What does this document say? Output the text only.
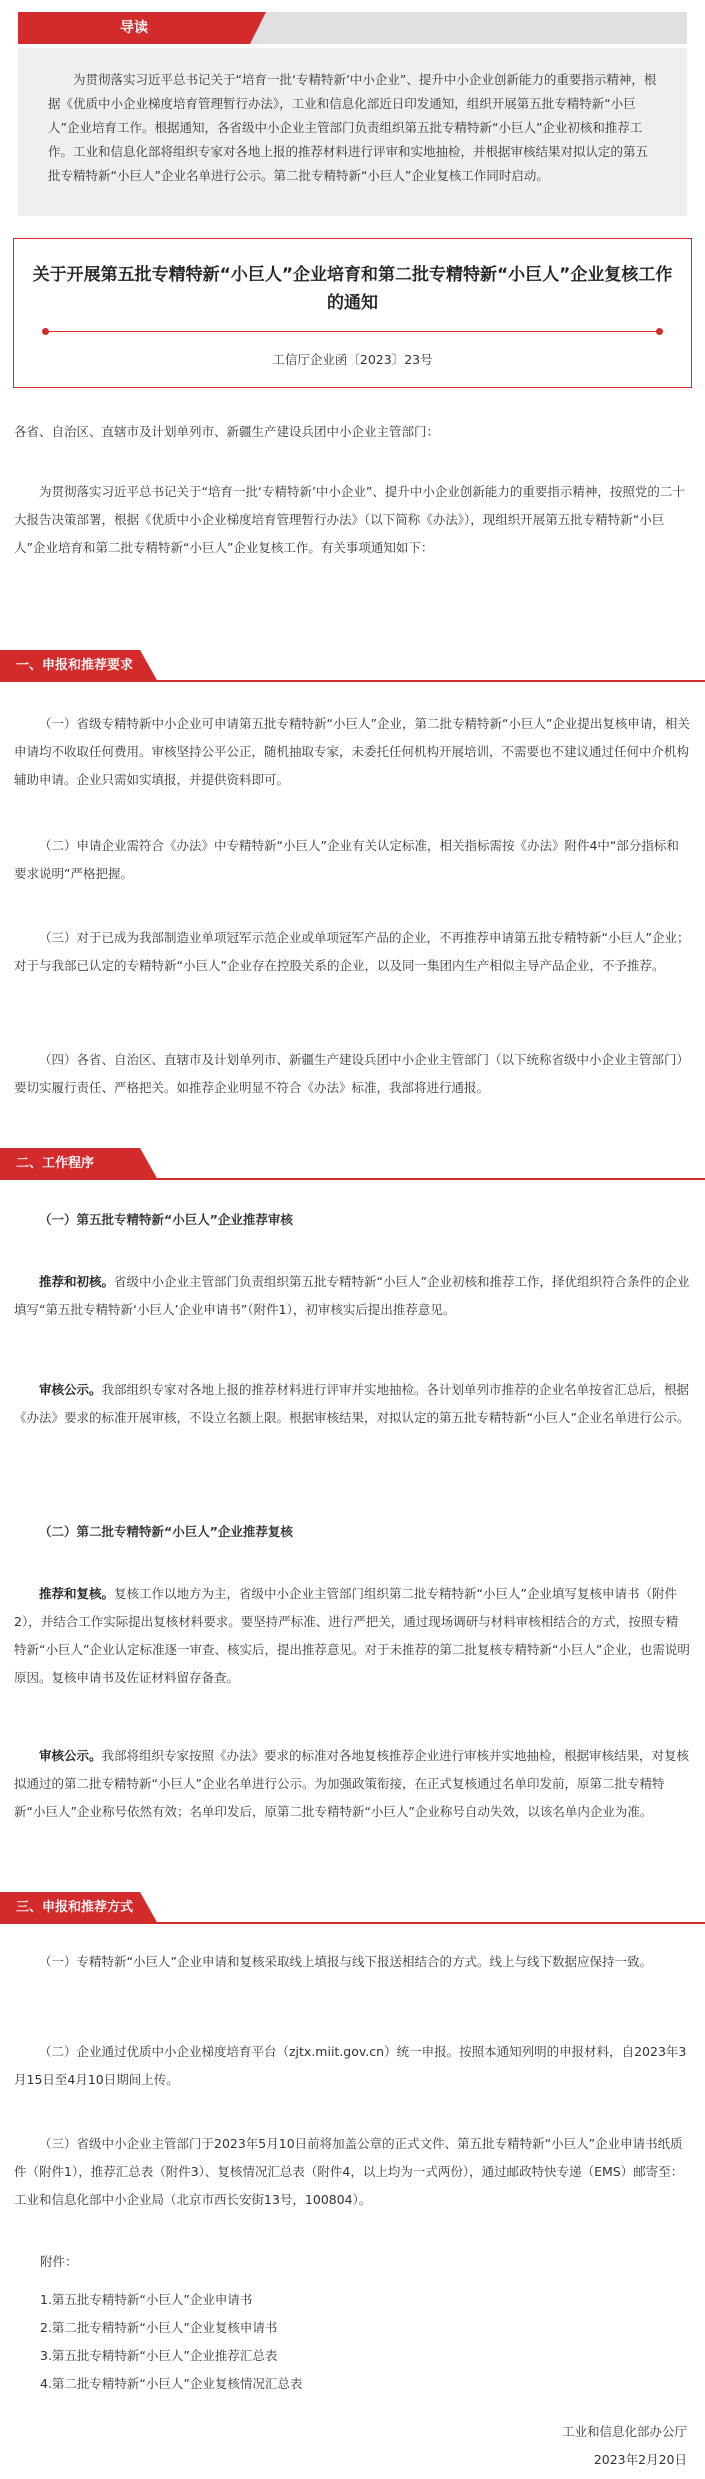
导读
为贯彻落实习近平总书记关于“培育一批‘专精特新’中小企业”、提升中小企业创新能力的重要指示精神，根据《优质中小企业梯度培育管理暂行办法》，工业和信息化部近日印发通知，组织开展第五批专精特新“小巨人”企业培育工作。根据通知，各省级中小企业主管部门负责组织第五批专精特新“小巨人”企业初核和推荐工作。工业和信息化部将组织专家对各地上报的推荐材料进行评审和实地抽检，并根据审核结果对拟认定的第五批专精特新“小巨人”企业名单进行公示。第二批专精特新“小巨人”企业复核工作同时启动。
关于开展第五批专精特新“小巨人”企业培育和第二批专精特新“小巨人”企业复核工作的通知
工信厅企业函〔2023〕23号
各省、自治区、直辖市及计划单列市、新疆生产建设兵团中小企业主管部门：
为贯彻落实习近平总书记关于“培育一批‘专精特新’中小企业”、提升中小企业创新能力的重要指示精神，按照党的二十大报告决策部署，根据《优质中小企业梯度培育管理暂行办法》（以下简称《办法》），现组织开展第五批专精特新“小巨人”企业培育和第二批专精特新“小巨人”企业复核工作。有关事项通知如下：
一、申报和推荐要求
（一）省级专精特新中小企业可申请第五批专精特新“小巨人”企业，第二批专精特新“小巨人”企业提出复核申请，相关申请均不收取任何费用。审核坚持公平公正，随机抽取专家，未委托任何机构开展培训，不需要也不建议通过任何中介机构辅助申请。企业只需如实填报，并提供资料即可。
（二）申请企业需符合《办法》中专精特新“小巨人”企业有关认定标准，相关指标需按《办法》附件4中“部分指标和要求说明”严格把握。
（三）对于已成为我部制造业单项冠军示范企业或单项冠军产品的企业，不再推荐申请第五批专精特新“小巨人”企业；对于与我部已认定的专精特新“小巨人”企业存在控股关系的企业，以及同一集团内生产相似主导产品企业，不予推荐。
（四）各省、自治区、直辖市及计划单列市、新疆生产建设兵团中小企业主管部门（以下统称省级中小企业主管部门）要切实履行责任、严格把关。如推荐企业明显不符合《办法》标准，我部将进行通报。
二、工作程序
（一）第五批专精特新“小巨人”企业推荐审核
推荐和初核。省级中小企业主管部门负责组织第五批专精特新“小巨人”企业初核和推荐工作，择优组织符合条件的企业填写“第五批专精特新‘小巨人’企业申请书”（附件1），初审核实后提出推荐意见。
审核公示。我部组织专家对各地上报的推荐材料进行评审并实地抽检。各计划单列市推荐的企业名单按省汇总后，根据《办法》要求的标准开展审核，不设立名额上限。根据审核结果，对拟认定的第五批专精特新“小巨人”企业名单进行公示。
（二）第二批专精特新“小巨人”企业推荐复核
推荐和复核。复核工作以地方为主，省级中小企业主管部门组织第二批专精特新“小巨人”企业填写复核申请书（附件2），并结合工作实际提出复核材料要求。要坚持严标准、进行严把关，通过现场调研与材料审核相结合的方式，按照专精特新“小巨人”企业认定标准逐一审查、核实后，提出推荐意见。对于未推荐的第二批复核专精特新“小巨人”企业，也需说明原因。复核申请书及佐证材料留存备查。
审核公示。我部将组织专家按照《办法》要求的标准对各地复核推荐企业进行审核并实地抽检，根据审核结果，对复核拟通过的第二批专精特新“小巨人”企业名单进行公示。为加强政策衔接，在正式复核通过名单印发前，原第二批专精特新“小巨人”企业称号依然有效；名单印发后，原第二批专精特新“小巨人”企业称号自动失效，以该名单内企业为准。
三、申报和推荐方式
（一）专精特新“小巨人”企业申请和复核采取线上填报与线下报送相结合的方式。线上与线下数据应保持一致。
（二）企业通过优质中小企业梯度培育平台（zjtx.miit.gov.cn）统一申报。按照本通知列明的申报材料，自2023年3月15日至4月10日期间上传。
（三）省级中小企业主管部门于2023年5月10日前将加盖公章的正式文件、第五批专精特新“小巨人”企业申请书纸质件（附件1），推荐汇总表（附件3）、复核情况汇总表（附件4，以上均为一式两份），通过邮政特快专递（EMS）邮寄至：工业和信息化部中小企业局（北京市西长安街13号，100804）。
附件：
1.第五批专精特新“小巨人”企业申请书
2.第二批专精特新“小巨人”企业复核申请书
3.第五批专精特新“小巨人”企业推荐汇总表
4.第二批专精特新“小巨人”企业复核情况汇总表
工业和信息化部办公厅
2023年2月20日
